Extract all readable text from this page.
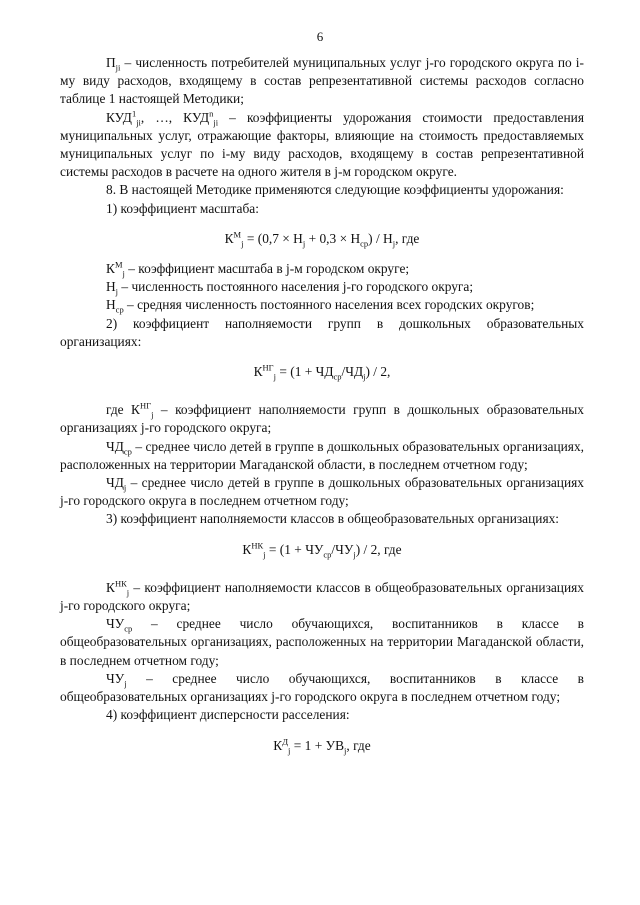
6

$П_{ji}$ – численность потребителей муниципальных услуг j-го городского округа по i-му виду расходов, входящему в состав репрезентативной системы расходов согласно таблице 1 настоящей Методики;

$КУД^1_{ji}$, …, $КУД^n_{ji}$ – коэффициенты удорожания стоимости предоставления муниципальных услуг, отражающие факторы, влияющие на стоимость предоставляемых муниципальных услуг по i-му виду расходов, входящему в состав репрезентативной системы расходов в расчете на одного жителя в j-м городском округе.

8. В настоящей Методике применяются следующие коэффициенты удорожания:

1) коэффициент масштаба:

$К^М_j = (0,7 \times Н_j + 0,3 \times Н_{ср}) / Н_j$, где

$К^М_j$ – коэффициент масштаба в j-м городском округе;

$Н_j$ – численность постоянного населения j-го городского округа;

$Н_{ср}$ – средняя численность постоянного населения всех городских округов;

2) коэффициент наполняемости групп в дошкольных образовательных организациях:

$К^{НГ}_j = (1 + ЧД_{ср}/ЧД_j) / 2$,

где $К^{НГ}_j$ – коэффициент наполняемости групп в дошкольных образовательных организациях j-го городского округа;

$ЧД_{ср}$ – среднее число детей в группе в дошкольных образовательных организациях, расположенных на территории Магаданской области, в последнем отчетном году;

$ЧД_j$ – среднее число детей в группе в дошкольных образовательных организациях j-го городского округа в последнем отчетном году;

3) коэффициент наполняемости классов в общеобразовательных организациях:

$К^{НК}_j = (1 + ЧУ_{ср}/ЧУ_j) / 2$, где

$К^{НК}_j$ – коэффициент наполняемости классов в общеобразовательных организациях j-го городского округа;

$ЧУ_{ср}$ – среднее число обучающихся, воспитанников в классе в общеобразовательных организациях, расположенных на территории Магаданской области, в последнем отчетном году;

$ЧУ_j$ – среднее число обучающихся, воспитанников в классе в общеобразовательных организациях j-го городского округа в последнем отчетном году;

4) коэффициент дисперсности расселения:

$К^Д_j = 1 + УВ_j$, где
